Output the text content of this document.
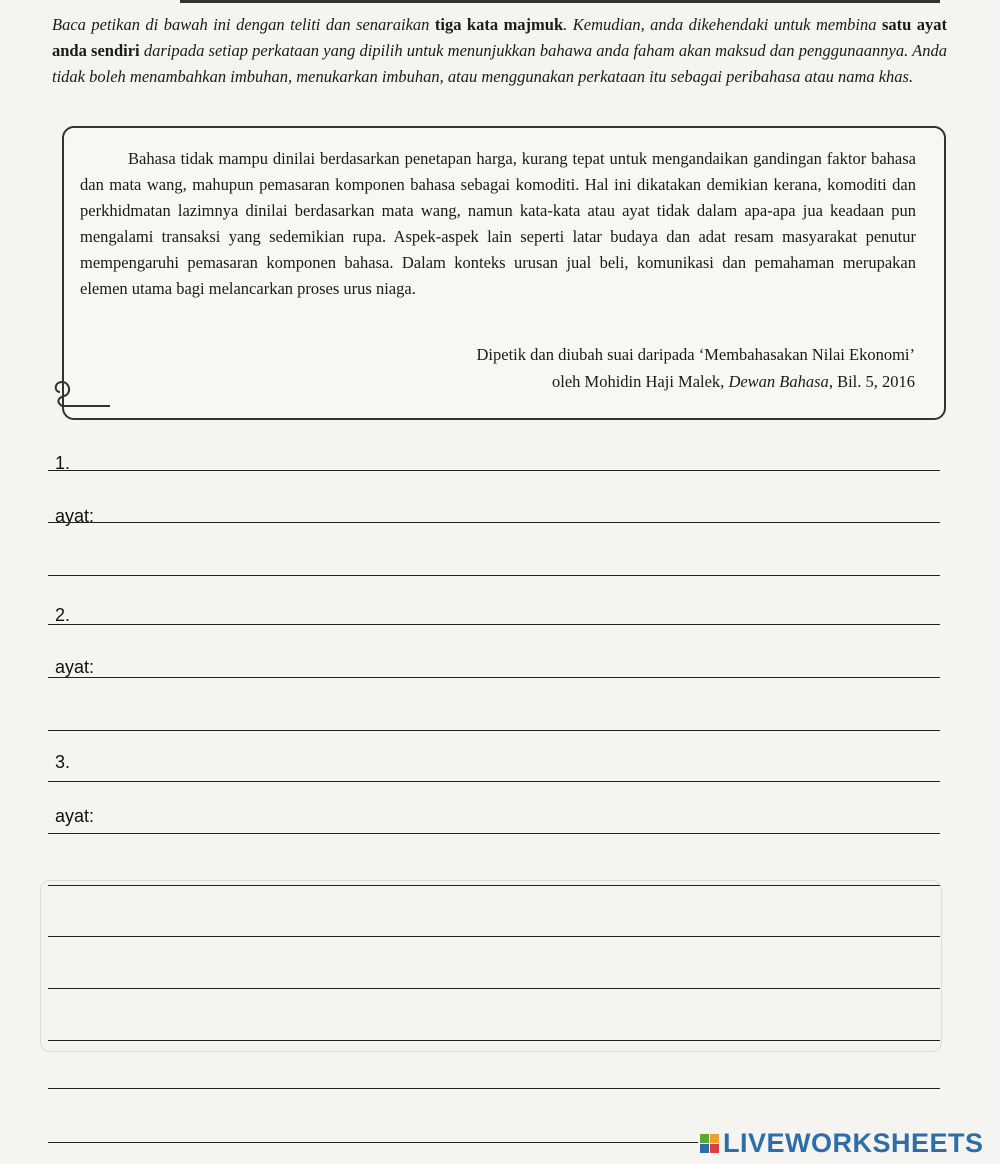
Baca petikan di bawah ini dengan teliti dan senaraikan tiga kata majmuk. Kemudian, anda dikehendaki untuk membina satu ayat anda sendiri daripada setiap perkataan yang dipilih untuk menunjukkan bahawa anda faham akan maksud dan penggunaannya. Anda tidak boleh menambahkan imbuhan, menukarkan imbuhan, atau menggunakan perkataan itu sebagai peribahasa atau nama khas.
Bahasa tidak mampu dinilai berdasarkan penetapan harga, kurang tepat untuk mengandaikan gandingan faktor bahasa dan mata wang, mahupun pemasaran komponen bahasa sebagai komoditi. Hal ini dikatakan demikian kerana, komoditi dan perkhidmatan lazimnya dinilai berdasarkan mata wang, namun kata-kata atau ayat tidak dalam apa-apa jua keadaan pun mengalami transaksi yang sedemikian rupa. Aspek-aspek lain seperti latar budaya dan adat resam masyarakat penutur mempengaruhi pemasaran komponen bahasa. Dalam konteks urusan jual beli, komunikasi dan pemahaman merupakan elemen utama bagi melancarkan proses urus niaga.
Dipetik dan diubah suai daripada ‘Membahasakan Nilai Ekonomi’
oleh Mohidin Haji Malek, Dewan Bahasa, Bil. 5, 2016
1.
ayat:
2.
ayat:
3.
ayat:
LIVEWORKSHEETS
